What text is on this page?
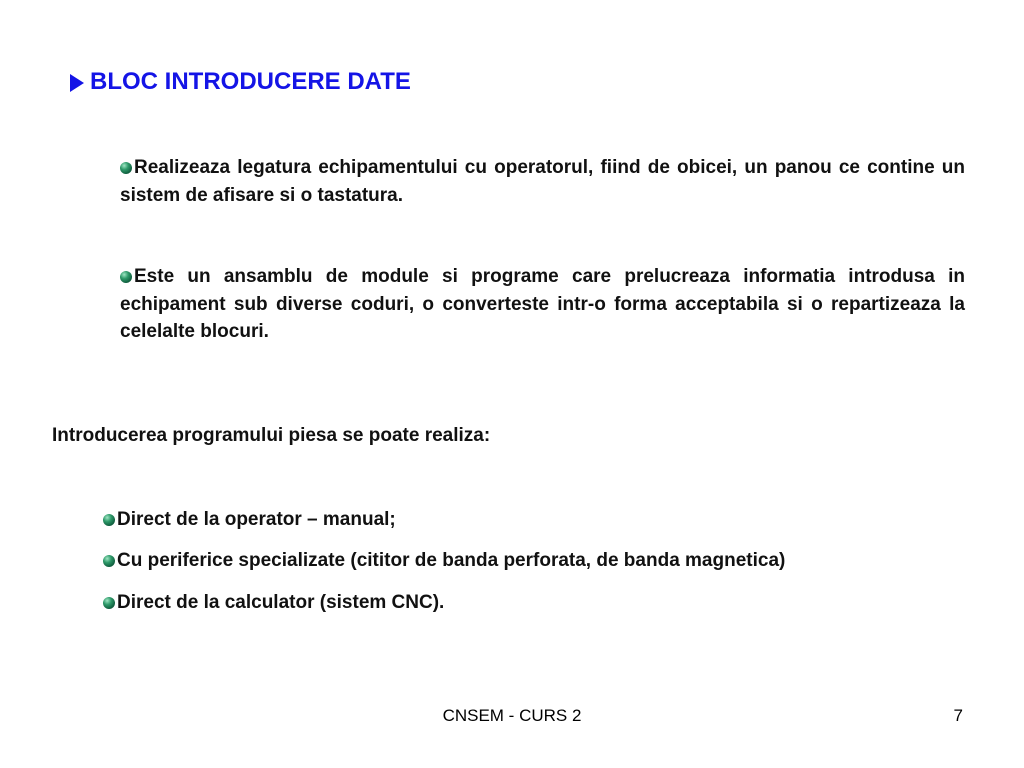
BLOC INTRODUCERE DATE
Realizeaza legatura echipamentului cu operatorul, fiind de obicei, un panou ce contine un sistem de afisare si o tastatura.
Este un ansamblu de module si programe care prelucreaza informatia introdusa in echipament sub diverse coduri, o converteste intr-o forma acceptabila si o repartizeaza la celelalte blocuri.
Introducerea programului piesa se poate realiza:
Direct de la operator – manual;
Cu periferice specializate (cititor de banda perforata, de banda magnetica)
Direct de la calculator (sistem CNC).
CNSEM - CURS 2	7
